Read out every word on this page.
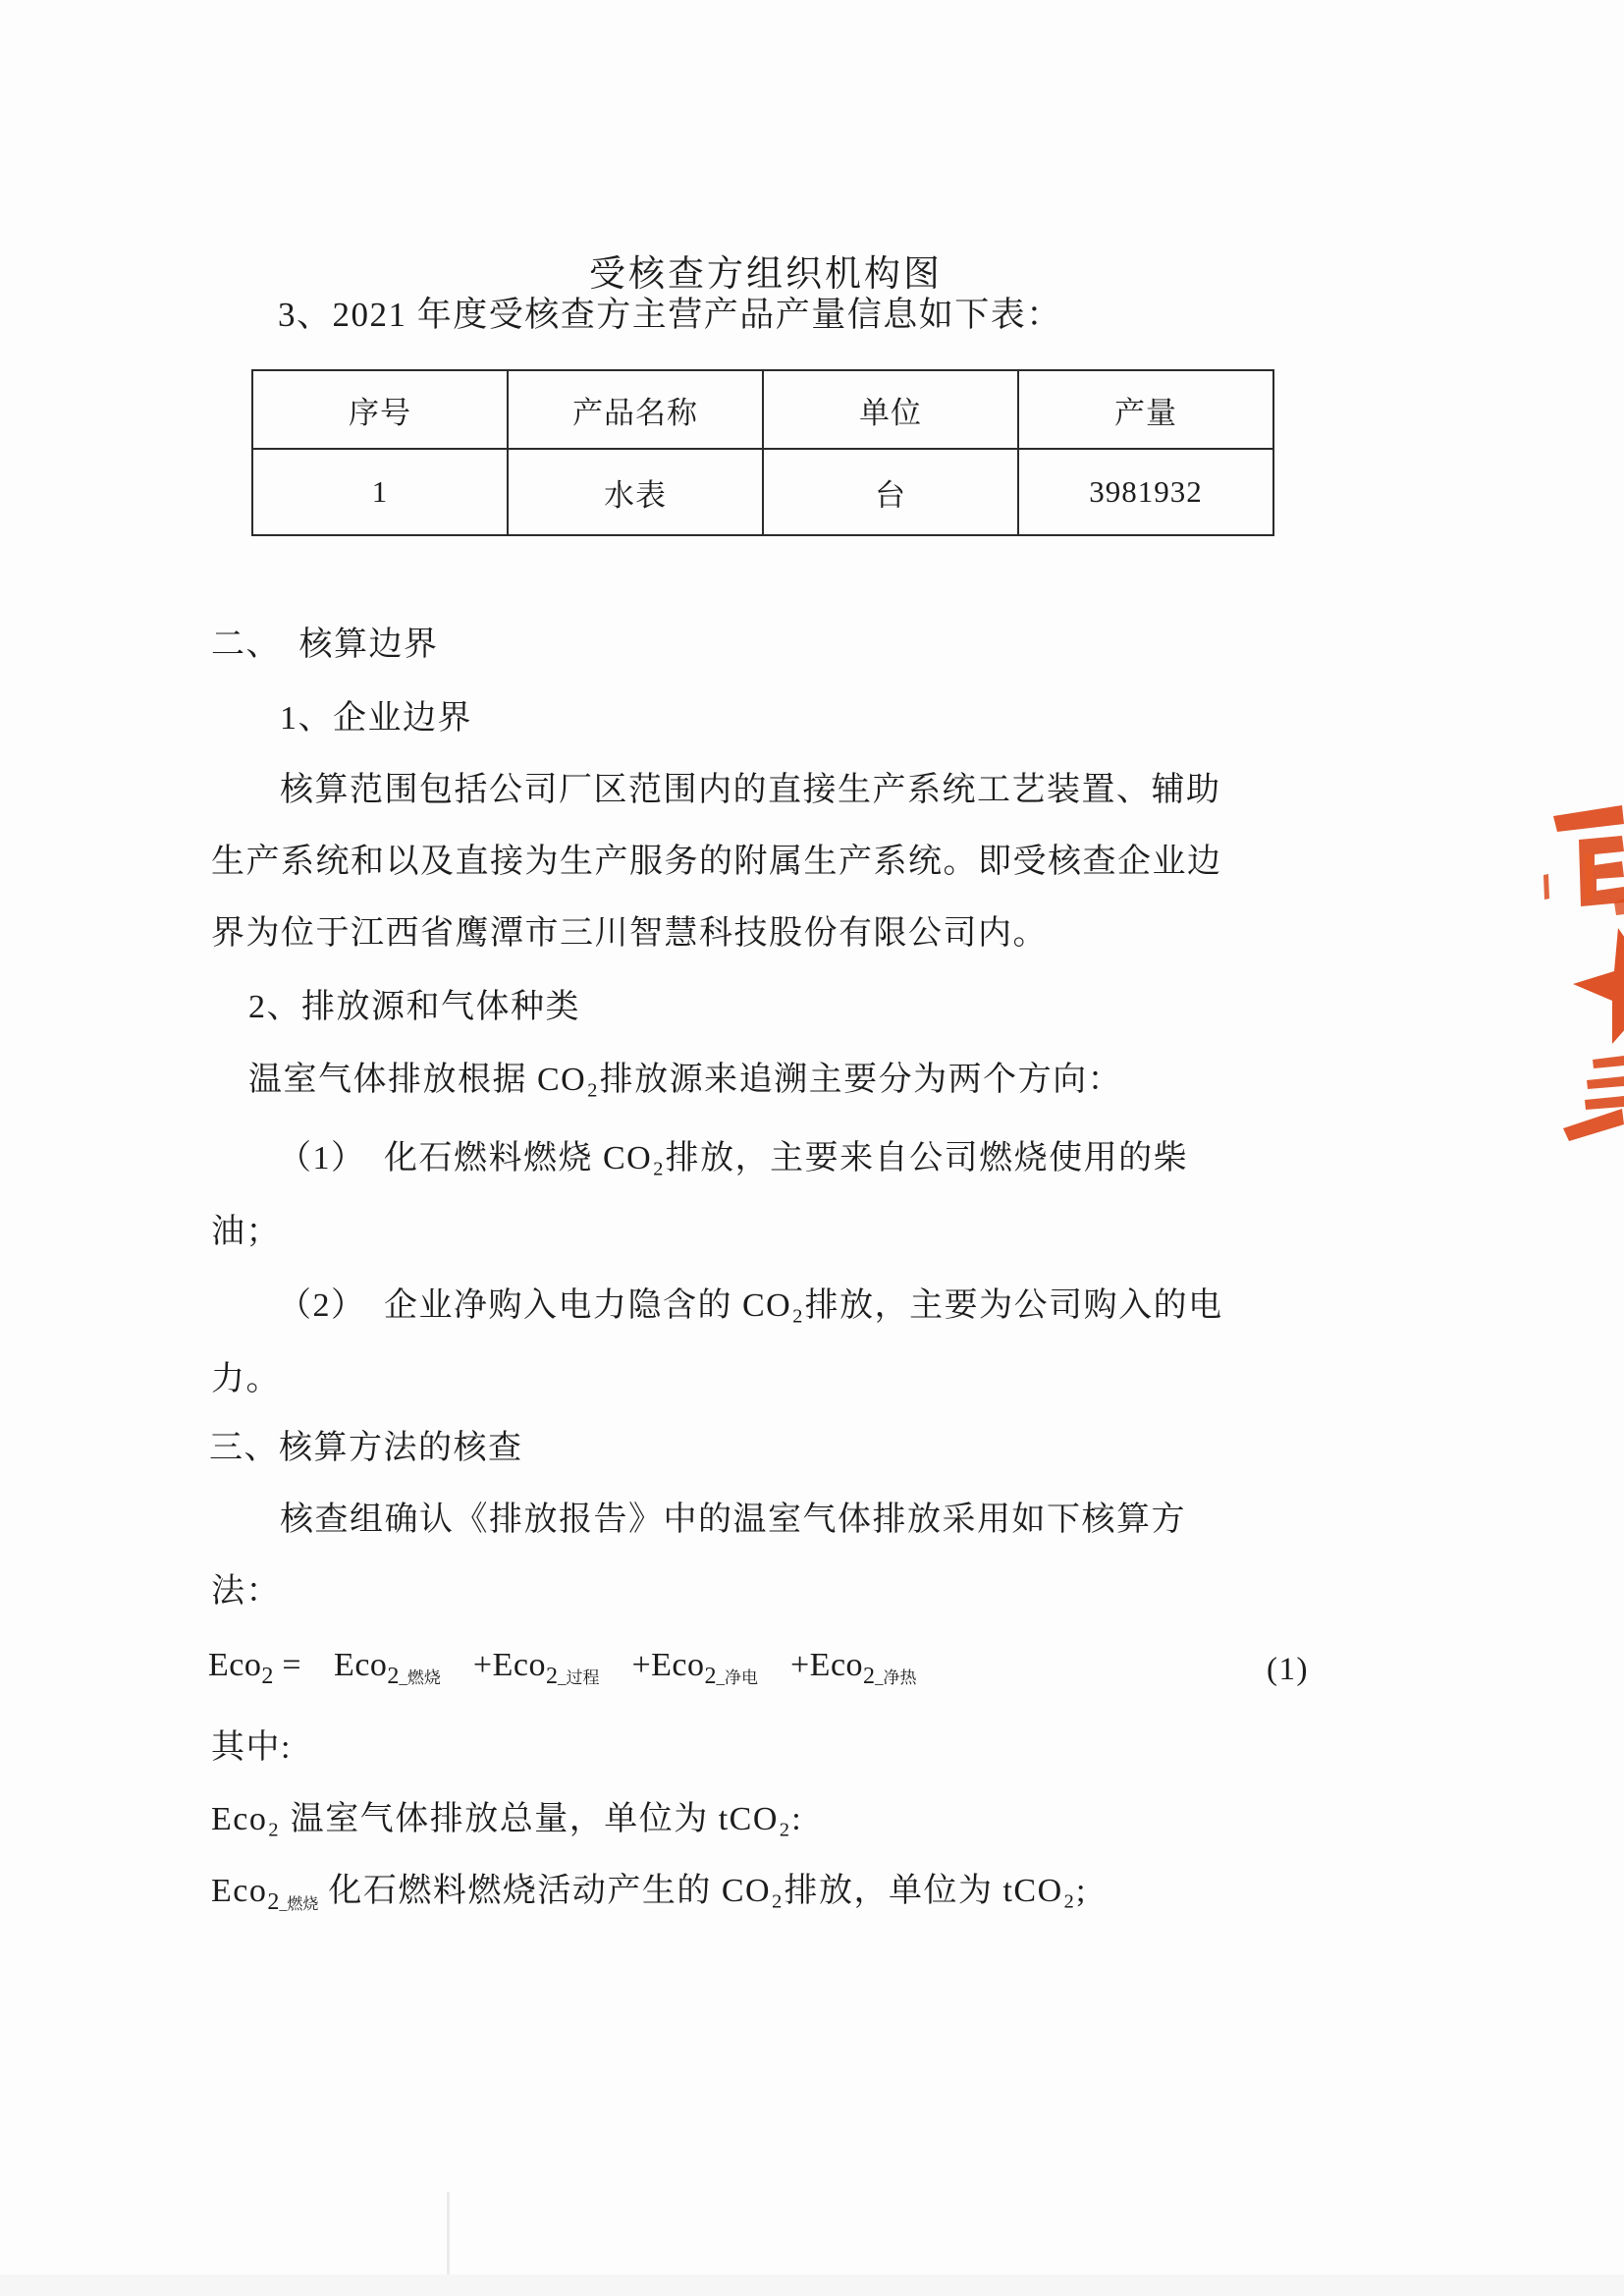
受核查方组织机构图
3、2021 年度受核查方主营产品产量信息如下表：
序号	产品名称	单位	产量
1	水表	台	3981932
二、　核算边界
1、企业边界
核算范围包括公司厂区范围内的直接生产系统工艺装置、辅助
生产系统和以及直接为生产服务的附属生产系统。即受核查企业边
界为位于江西省鹰潭市三川智慧科技股份有限公司内。
2、排放源和气体种类
温室气体排放根据 CO₂排放源来追溯主要分为两个方向：
（1）　化石燃料燃烧 CO₂排放，主要来自公司燃烧使用的柴
油；
（2）　企业净购入电力隐含的 CO₂排放，主要为公司购入的电
力。
三、核算方法的核查
核查组确认《排放报告》中的温室气体排放采用如下核算方
法：
Eco$_2$ = Eco$_{2\_燃烧}$ +Eco$_{2\_过程}$ +Eco$_{2\_净电}$ +Eco$_{2\_净热}$	(1)
其中:
Eco₂ 温室气体排放总量，单位为 tCO₂:
Eco$_{2\_燃烧}$ 化石燃料燃烧活动产生的 CO₂排放，单位为 tCO₂;
